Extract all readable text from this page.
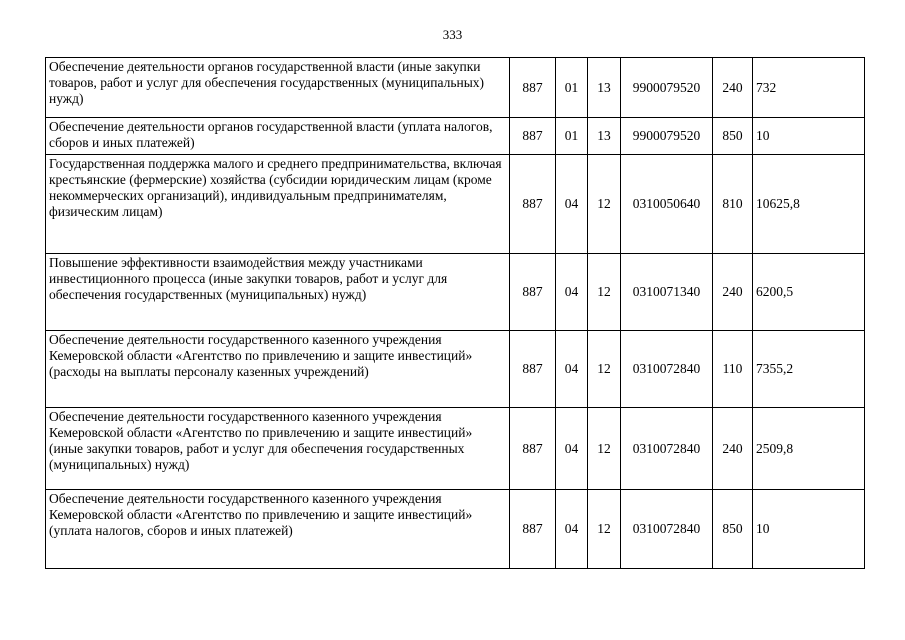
333
Обеспечение деятельности органов государственной власти (иные закупки товаров, работ и услуг для обеспечения государственных (муниципальных) нужд)	887	01	13	9900079520	240	732
Обеспечение деятельности органов государственной власти (уплата налогов, сборов и иных платежей)	887	01	13	9900079520	850	10
Государственная поддержка малого и среднего предпринимательства, включая крестьянские (фермерские) хозяйства (субсидии юридическим лицам (кроме некоммерческих организаций), индивидуальным предпринимателям, физическим лицам)	887	04	12	0310050640	810	10625,8
Повышение эффективности взаимодействия между участниками инвестиционного процесса (иные закупки товаров, работ и услуг для обеспечения государственных (муниципальных) нужд)	887	04	12	0310071340	240	6200,5
Обеспечение деятельности государственного казенного учреждения Кемеровской области «Агентство по привлечению и защите инвестиций» (расходы на выплаты персоналу казенных учреждений)	887	04	12	0310072840	110	7355,2
Обеспечение деятельности государственного казенного учреждения Кемеровской области «Агентство по привлечению и защите инвестиций» (иные закупки товаров, работ и услуг для обеспечения государственных (муниципальных) нужд)	887	04	12	0310072840	240	2509,8
Обеспечение деятельности государственного казенного учреждения Кемеровской области «Агентство по привлечению и защите инвестиций» (уплата налогов, сборов и иных платежей)	887	04	12	0310072840	850	10
